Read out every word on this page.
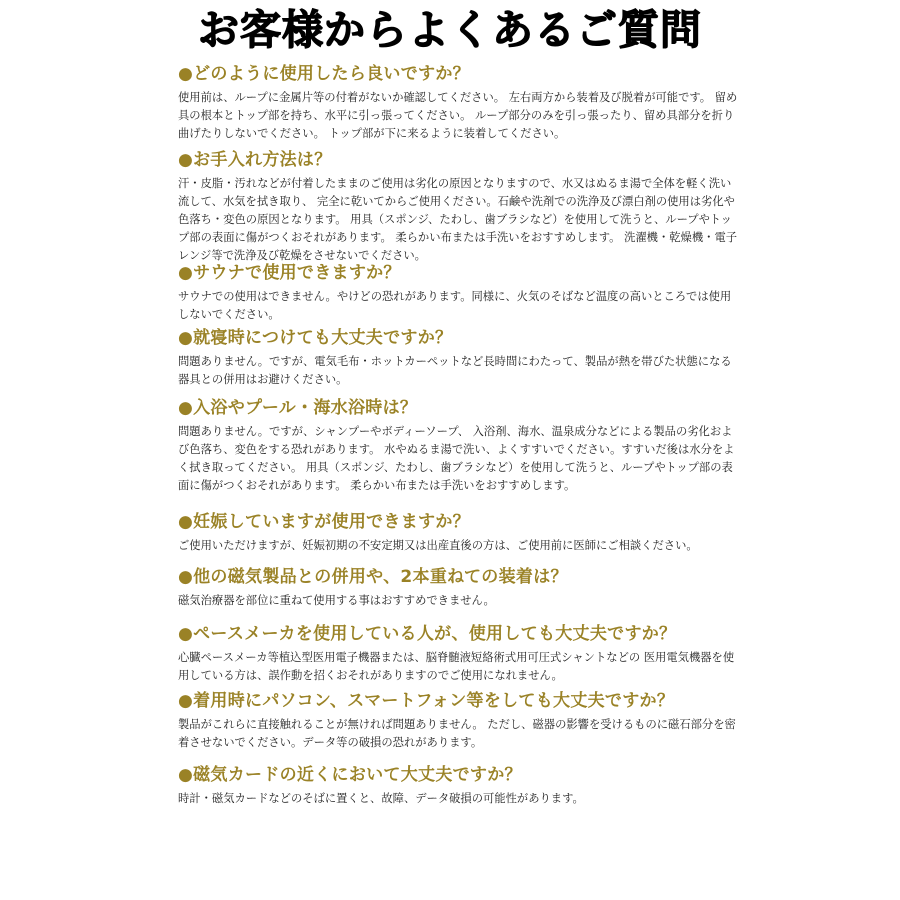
お客様からよくあるご質問
●どのように使用したら良いですか？
使用前は、ループに金属片等の付着がないか確認してください。 左右両方から装着及び脱着が可能です。 留め具の根本とトップ部を持ち、水平に引っ張ってください。 ループ部分のみを引っ張ったり、留め具部分を折り曲げたりしないでください。 トップ部が下に来るように装着してください。
●お手入れ方法は？
汗・皮脂・汚れなどが付着したままのご使用は劣化の原因となりますので、水又はぬるま湯で全体を軽く洗い流して、水気を拭き取り、 完全に乾いてからご使用ください。石鹸や洗剤での洗浄及び漂白剤の使用は劣化や色落ち・変色の原因となります。 用具（スポンジ、たわし、歯ブラシなど）を使用して洗うと、ループやトップ部の表面に傷がつくおそれがあります。 柔らかい布または手洗いをおすすめします。 洗濯機・乾燥機・電子レンジ等で洗浄及び乾燥をさせないでください。
●サウナで使用できますか？
サウナでの使用はできません。やけどの恐れがあります。同様に、火気のそばなど温度の高いところでは使用しないでください。
●就寝時につけても大丈夫ですか？
問題ありません。ですが、電気毛布・ホットカーペットなど長時間にわたって、製品が熱を帯びた状態になる器具との併用はお避けください。
●入浴やプール・海水浴時は？
問題ありません。ですが、シャンプーやボディーソープ、 入浴剤、海水、温泉成分などによる製品の劣化および色落ち、変色をする恐れがあります。 水やぬるま湯で洗い、よくすすいでください。すすいだ後は水分をよく拭き取ってください。 用具（スポンジ、たわし、歯ブラシなど）を使用して洗うと、ループやトップ部の表面に傷がつくおそれがあります。 柔らかい布または手洗いをおすすめします。
●妊娠していますが使用できますか？
ご使用いただけますが、妊娠初期の不安定期又は出産直後の方は、ご使用前に医師にご相談ください。
●他の磁気製品との併用や、2本重ねての装着は？
磁気治療器を部位に重ねて使用する事はおすすめできません。
●ペースメーカを使用している人が、使用しても大丈夫ですか？
心臓ペースメーカ等植込型医用電子機器または、脳脊髄液短絡術式用可圧式シャントなどの 医用電気機器を使用している方は、誤作動を招くおそれがありますのでご使用になれません。
●着用時にパソコン、スマートフォン等をしても大丈夫ですか？
製品がこれらに直接触れることが無ければ問題ありません。 ただし、磁器の影響を受けるものに磁石部分を密着させないでください。データ等の破損の恐れがあります。
●磁気カードの近くにおいて大丈夫ですか？
時計・磁気カードなどのそばに置くと、故障、データ破損の可能性があります。
